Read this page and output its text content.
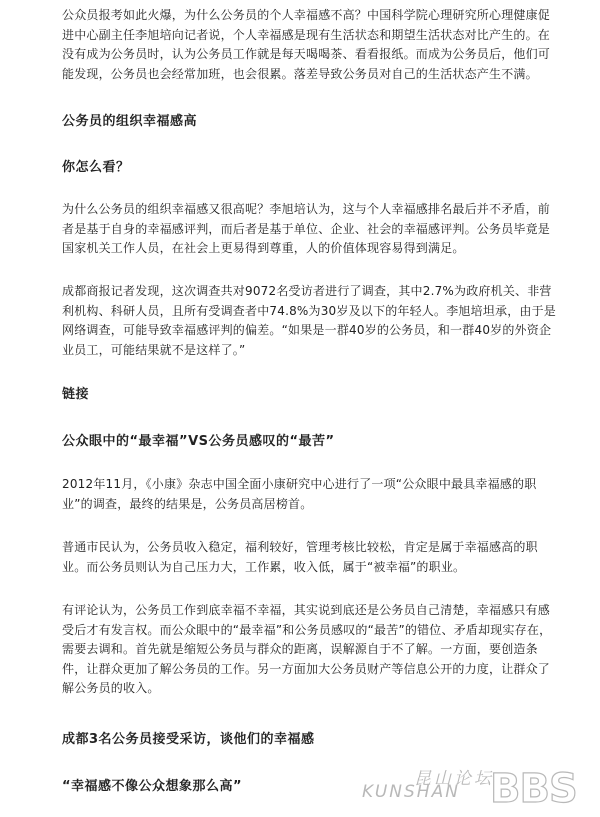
公众员报考如此火爆，为什么公务员的个人幸福感不高？中国科学院心理研究所心理健康促进中心副主任李旭培向记者说，个人幸福感是现有生活状态和期望生活状态对比产生的。在没有成为公务员时，认为公务员工作就是每天喝喝茶、看看报纸。而成为公务员后，他们可能发现，公务员也会经常加班，也会很累。落差导致公务员对自己的生活状态产生不满。

公务员的组织幸福感高
你怎么看？

为什么公务员的组织幸福感又很高呢？李旭培认为，这与个人幸福感排名最后并不矛盾，前者是基于自身的幸福感评判，而后者是基于单位、企业、社会的幸福感评判。公务员毕竟是国家机关工作人员，在社会上更易得到尊重，人的价值体现容易得到满足。

成都商报记者发现，这次调查共对9072名受访者进行了调查，其中2.7%为政府机关、非营利机构、科研人员，且所有受调查者中74.8%为30岁及以下的年轻人。李旭培坦承，由于是网络调查，可能导致幸福感评判的偏差。“如果是一群40岁的公务员，和一群40岁的外资企业员工，可能结果就不是这样了。”

链接
公众眼中的“最幸福”VS公务员感叹的“最苦”

2012年11月，《小康》杂志中国全面小康研究中心进行了一项“公众眼中最具幸福感的职业”的调查，最终的结果是，公务员高居榜首。

普通市民认为，公务员收入稳定，福利较好，管理考核比较松，肯定是属于幸福感高的职业。而公务员则认为自己压力大，工作累，收入低，属于“被幸福”的职业。

有评论认为，公务员工作到底幸福不幸福，其实说到底还是公务员自己清楚，幸福感只有感受后才有发言权。而公众眼中的“最幸福”和公务员感叹的“最苦”的错位、矛盾却现实存在，需要去调和。首先就是缩短公务员与群众的距离，误解源自于不了解。一方面，要创造条件，让群众更加了解公务员的工作。另一方面加大公务员财产等信息公开的力度，让群众了解公务员的收入。

成都3名公务员接受采访，谈他们的幸福感
“幸福感不像公众想象那么高”	昆山论坛
KUNSHAN BBS
